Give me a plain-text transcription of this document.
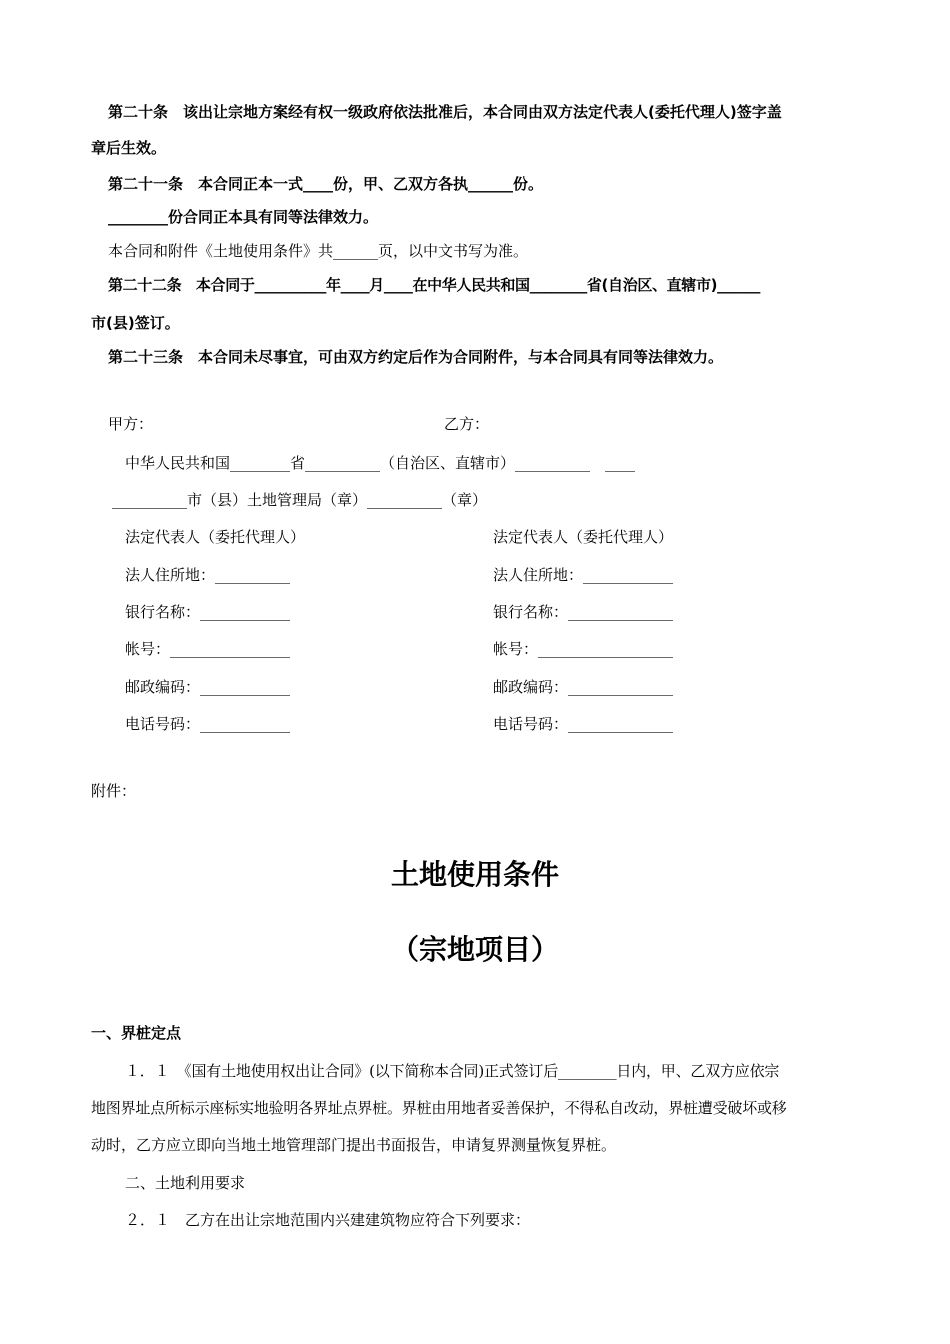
第二十条　该出让宗地方案经有权一级政府依法批准后，本合同由双方法定代表人(委托代理人)签字盖
章后生效。
第二十一条　本合同正本一式____份，甲、乙双方各执______份。
________份合同正本具有同等法律效力。
本合同和附件《土地使用条件》共______页，以中文书写为准。
第二十二条　本合同于__________年____月____在中华人民共和国________省(自治区、直辖市)______
市(县)签订。
第二十三条　本合同未尽事宜，可由双方约定后作为合同附件，与本合同具有同等法律效力。
甲方：	乙方：
中华人民共和国________省__________（自治区、直辖市）__________　____
__________市（县）土地管理局（章）__________（章）
法定代表人（委托代理人）	法定代表人（委托代理人）
法人住所地：__________	法人住所地：____________
银行名称：____________	银行名称：______________
帐号：________________	帐号：__________________
邮政编码：____________	邮政编码：______________
电话号码：____________	电话号码：______________
附件：
土地使用条件
（宗地项目）
一、界桩定点
１．１　《国有土地使用权出让合同》(以下简称本合同)正式签订后________日内，甲、乙双方应依宗
地图界址点所标示座标实地验明各界址点界桩。界桩由用地者妥善保护，不得私自改动，界桩遭受破坏或移
动时，乙方应立即向当地土地管理部门提出书面报告，申请复界测量恢复界桩。
二、土地利用要求
２．１　乙方在出让宗地范围内兴建建筑物应符合下列要求：
